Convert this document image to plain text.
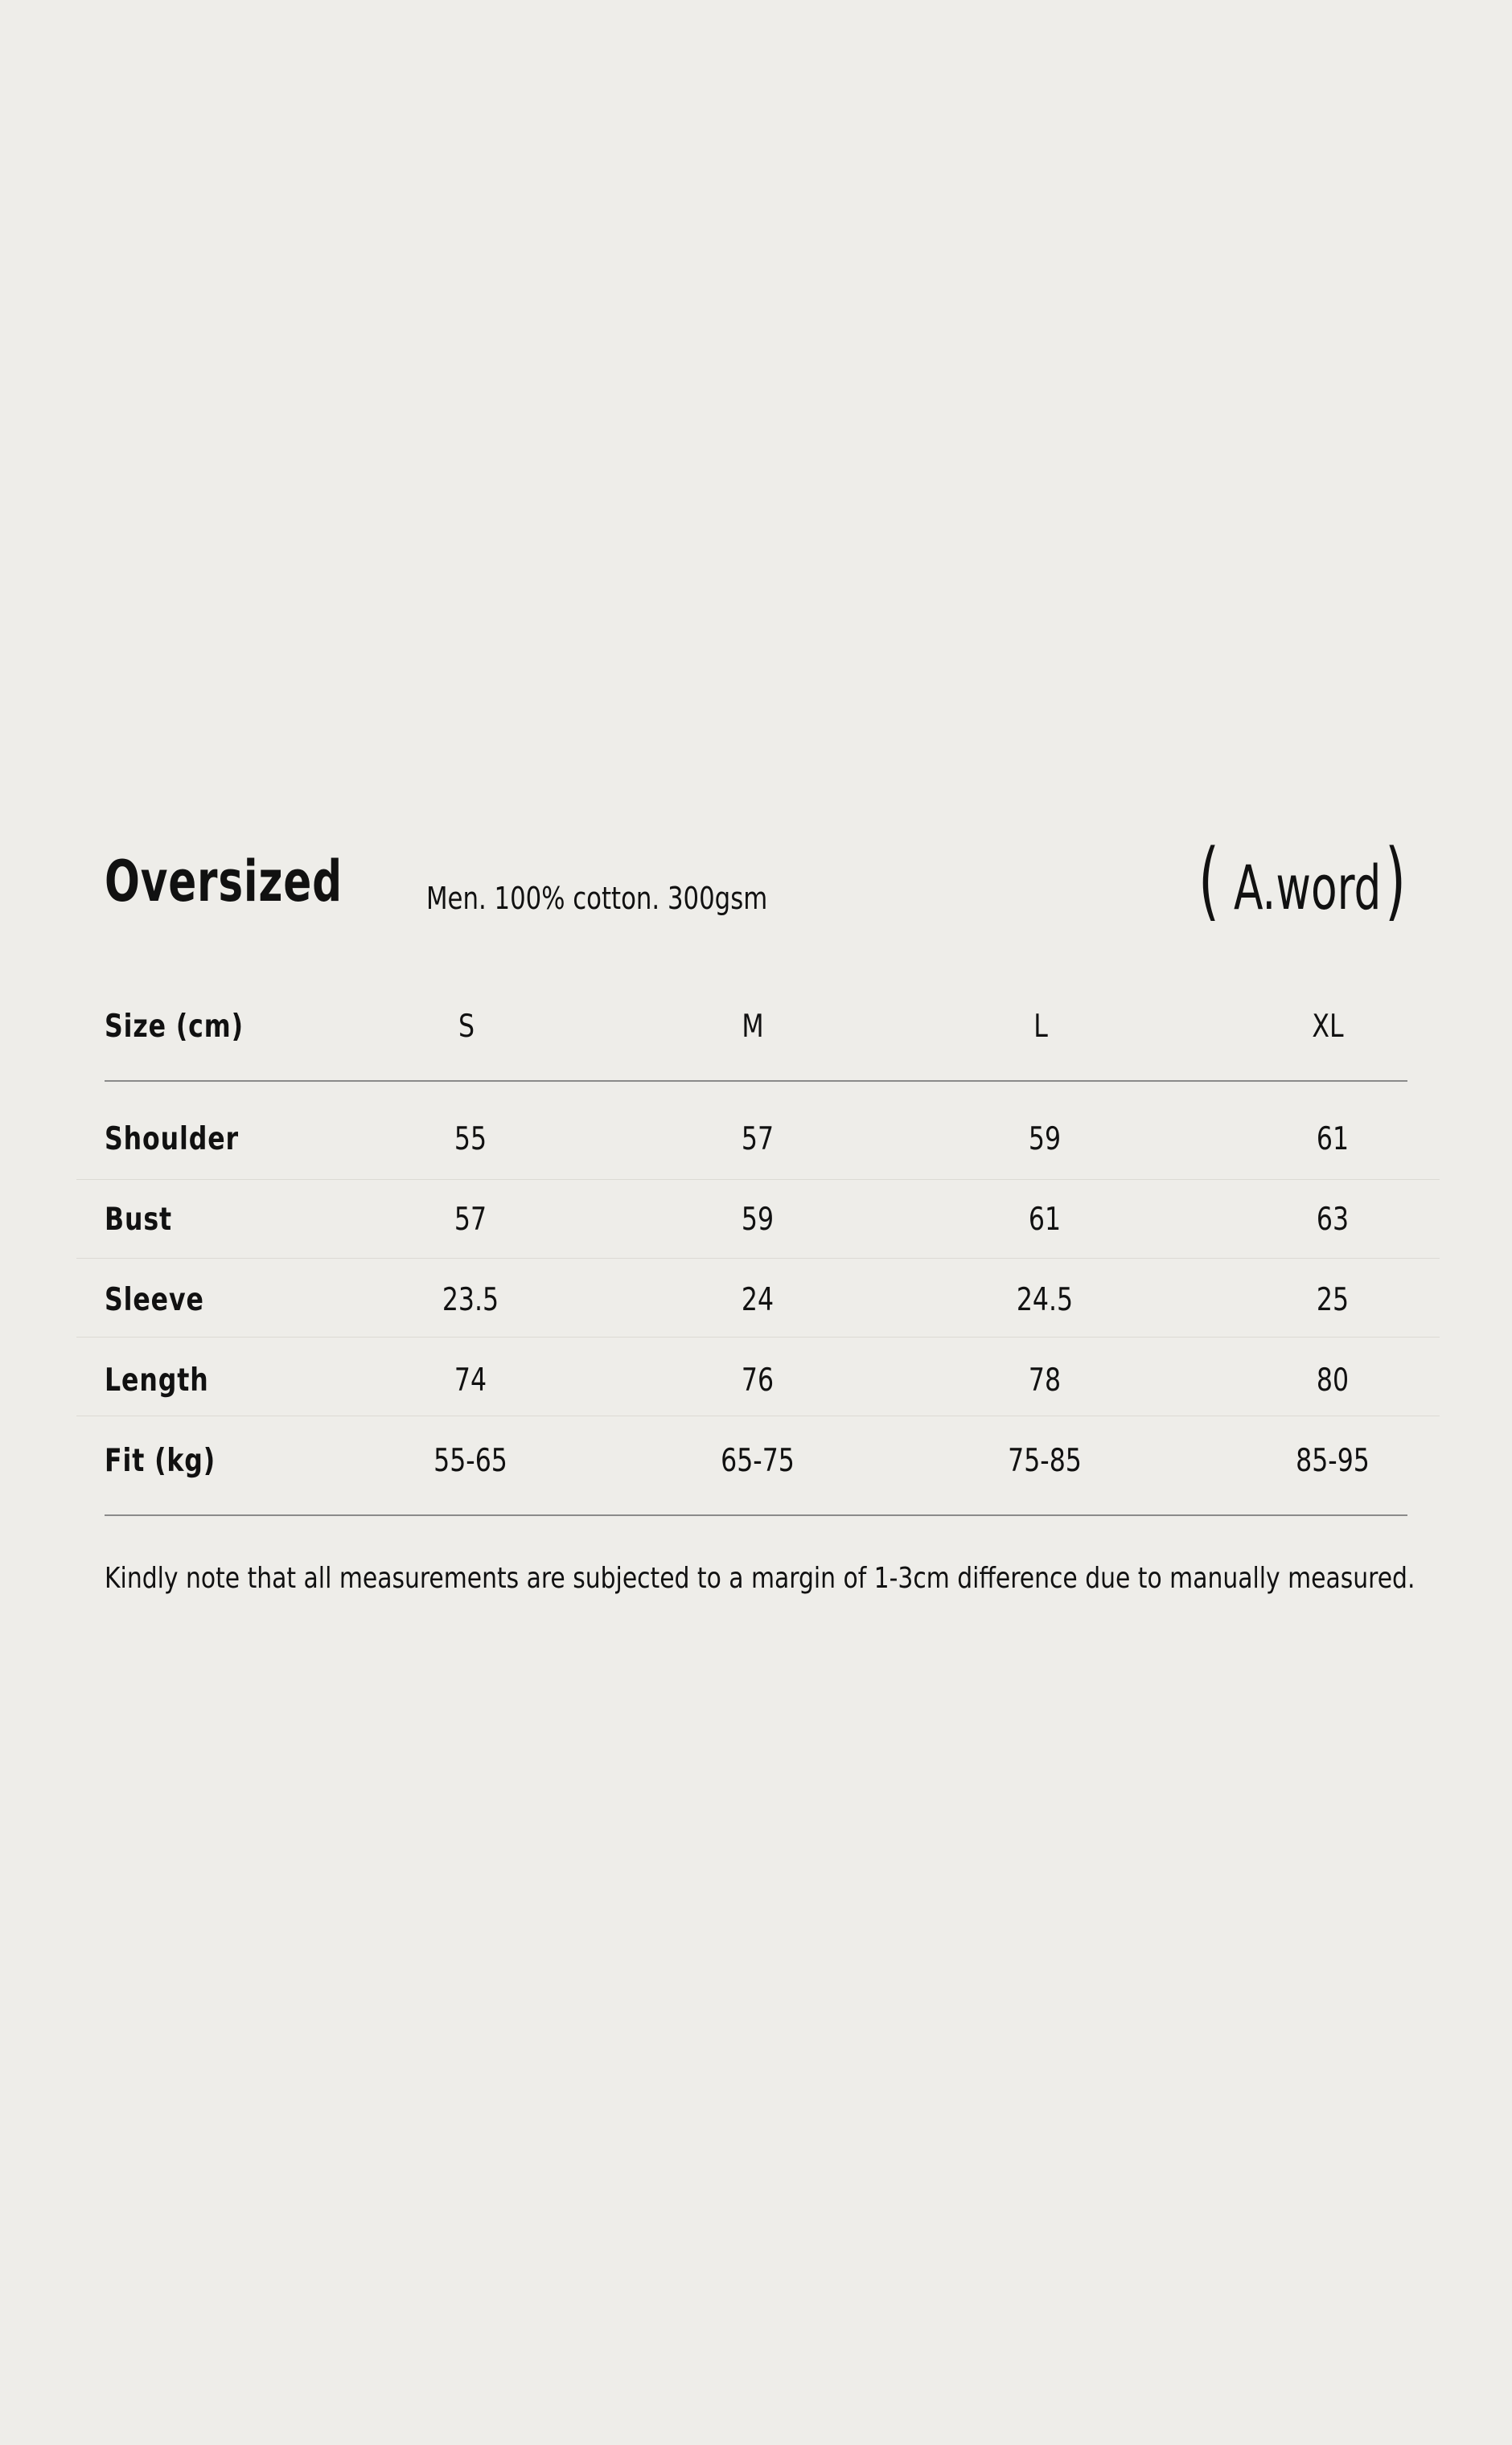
Oversized	Men. 100% cotton. 300gsm	( A.word )
Size (cm)	S	M	L	XL
Shoulder	55	57	59	61
Bust	57	59	61	63
Sleeve	23.5	24	24.5	25
Length	74	76	78	80
Fit (kg)	55-65	65-75	75-85	85-95
Kindly note that all measurements are subjected to a margin of 1-3cm difference due to manually measured.
